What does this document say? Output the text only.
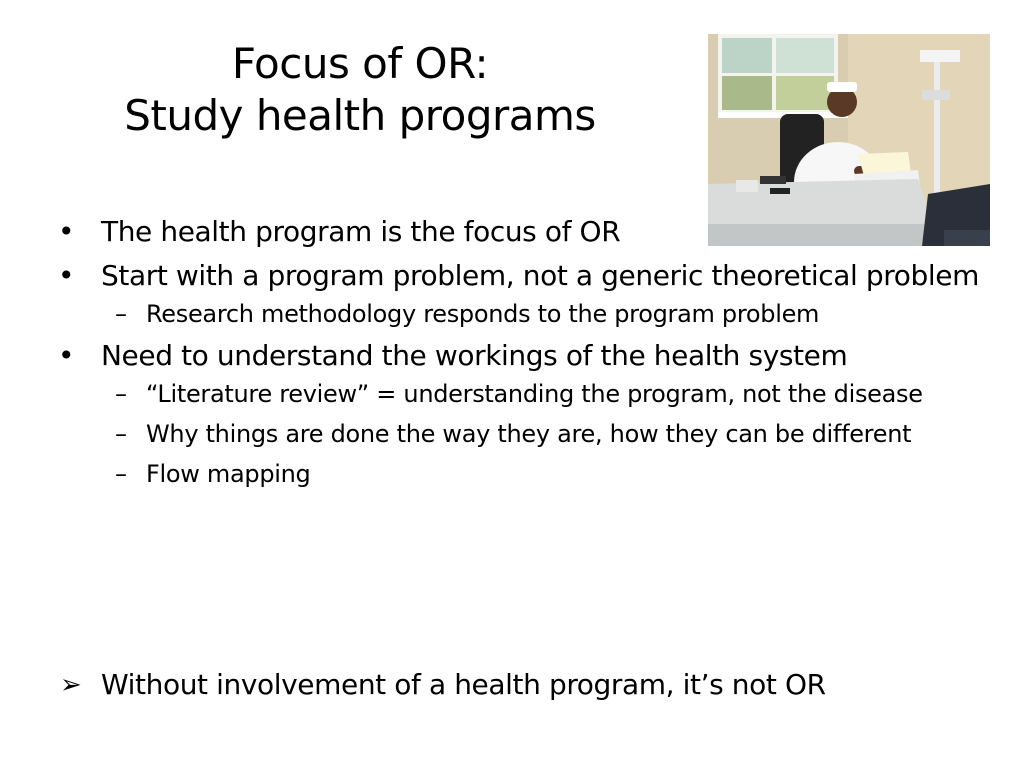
Focus of OR:
Study health programs
• The health program is the focus of OR
• Start with a program problem, not a generic theoretical problem
– Research methodology responds to the program problem
• Need to understand the workings of the health system
– “Literature review” = understanding the program, not the disease
– Why things are done the way they are, how they can be different
– Flow mapping
➢ Without involvement of a health program, it’s not OR
